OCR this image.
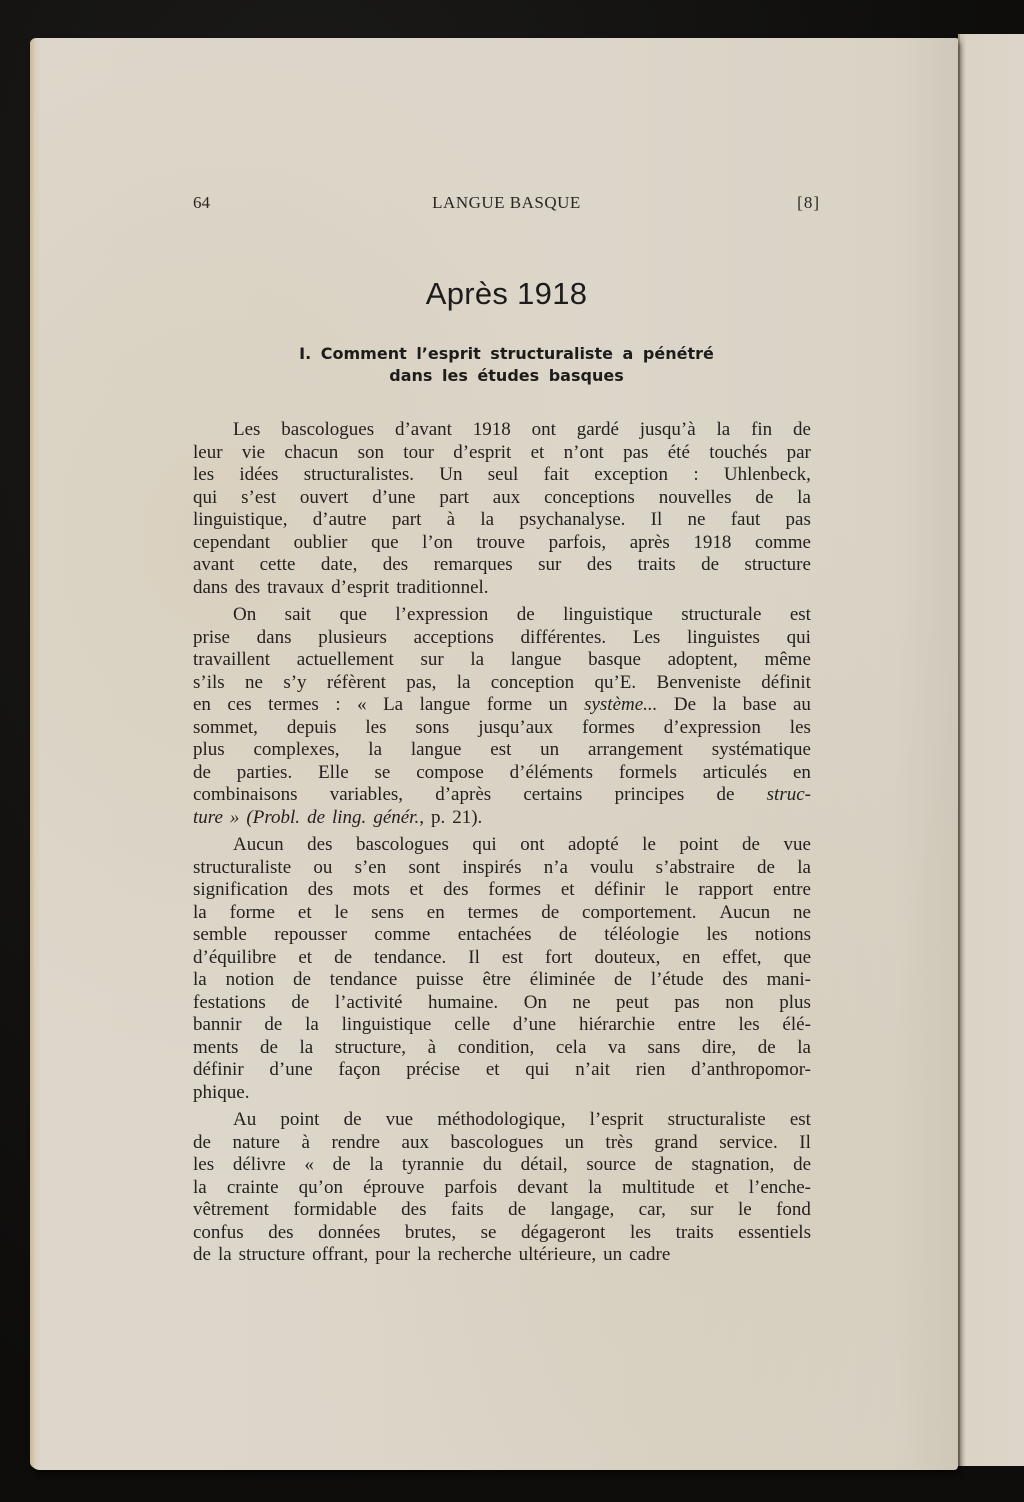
64	LANGUE BASQUE	[8]
Après 1918
I. Comment l’esprit structuraliste a pénétré
dans les études basques
Les bascologues d’avant 1918 ont gardé jusqu’à la fin de
leur vie chacun son tour d’esprit et n’ont pas été touchés par
les idées structuralistes. Un seul fait exception : Uhlenbeck,
qui s’est ouvert d’une part aux conceptions nouvelles de la
linguistique, d’autre part à la psychanalyse. Il ne faut pas
cependant oublier que l’on trouve parfois, après 1918 comme
avant cette date, des remarques sur des traits de structure
dans des travaux d’esprit traditionnel.
On sait que l’expression de linguistique structurale est
prise dans plusieurs acceptions différentes. Les linguistes qui
travaillent actuellement sur la langue basque adoptent, même
s’ils ne s’y réfèrent pas, la conception qu’E. Benveniste définit
en ces termes : « La langue forme un système... De la base au
sommet, depuis les sons jusqu’aux formes d’expression les
plus complexes, la langue est un arrangement systématique
de parties. Elle se compose d’éléments formels articulés en
combinaisons variables, d’après certains principes de struc-
ture » (Probl. de ling. génér., p. 21).
Aucun des bascologues qui ont adopté le point de vue
structuraliste ou s’en sont inspirés n’a voulu s’abstraire de la
signification des mots et des formes et définir le rapport entre
la forme et le sens en termes de comportement. Aucun ne
semble repousser comme entachées de téléologie les notions
d’équilibre et de tendance. Il est fort douteux, en effet, que
la notion de tendance puisse être éliminée de l’étude des mani-
festations de l’activité humaine. On ne peut pas non plus
bannir de la linguistique celle d’une hiérarchie entre les élé-
ments de la structure, à condition, cela va sans dire, de la
définir d’une façon précise et qui n’ait rien d’anthropomor-
phique.
Au point de vue méthodologique, l’esprit structuraliste est
de nature à rendre aux bascologues un très grand service. Il
les délivre « de la tyrannie du détail, source de stagnation, de
la crainte qu’on éprouve parfois devant la multitude et l’enche-
vêtrement formidable des faits de langage, car, sur le fond
confus des données brutes, se dégageront les traits essentiels
de la structure offrant, pour la recherche ultérieure, un cadre
